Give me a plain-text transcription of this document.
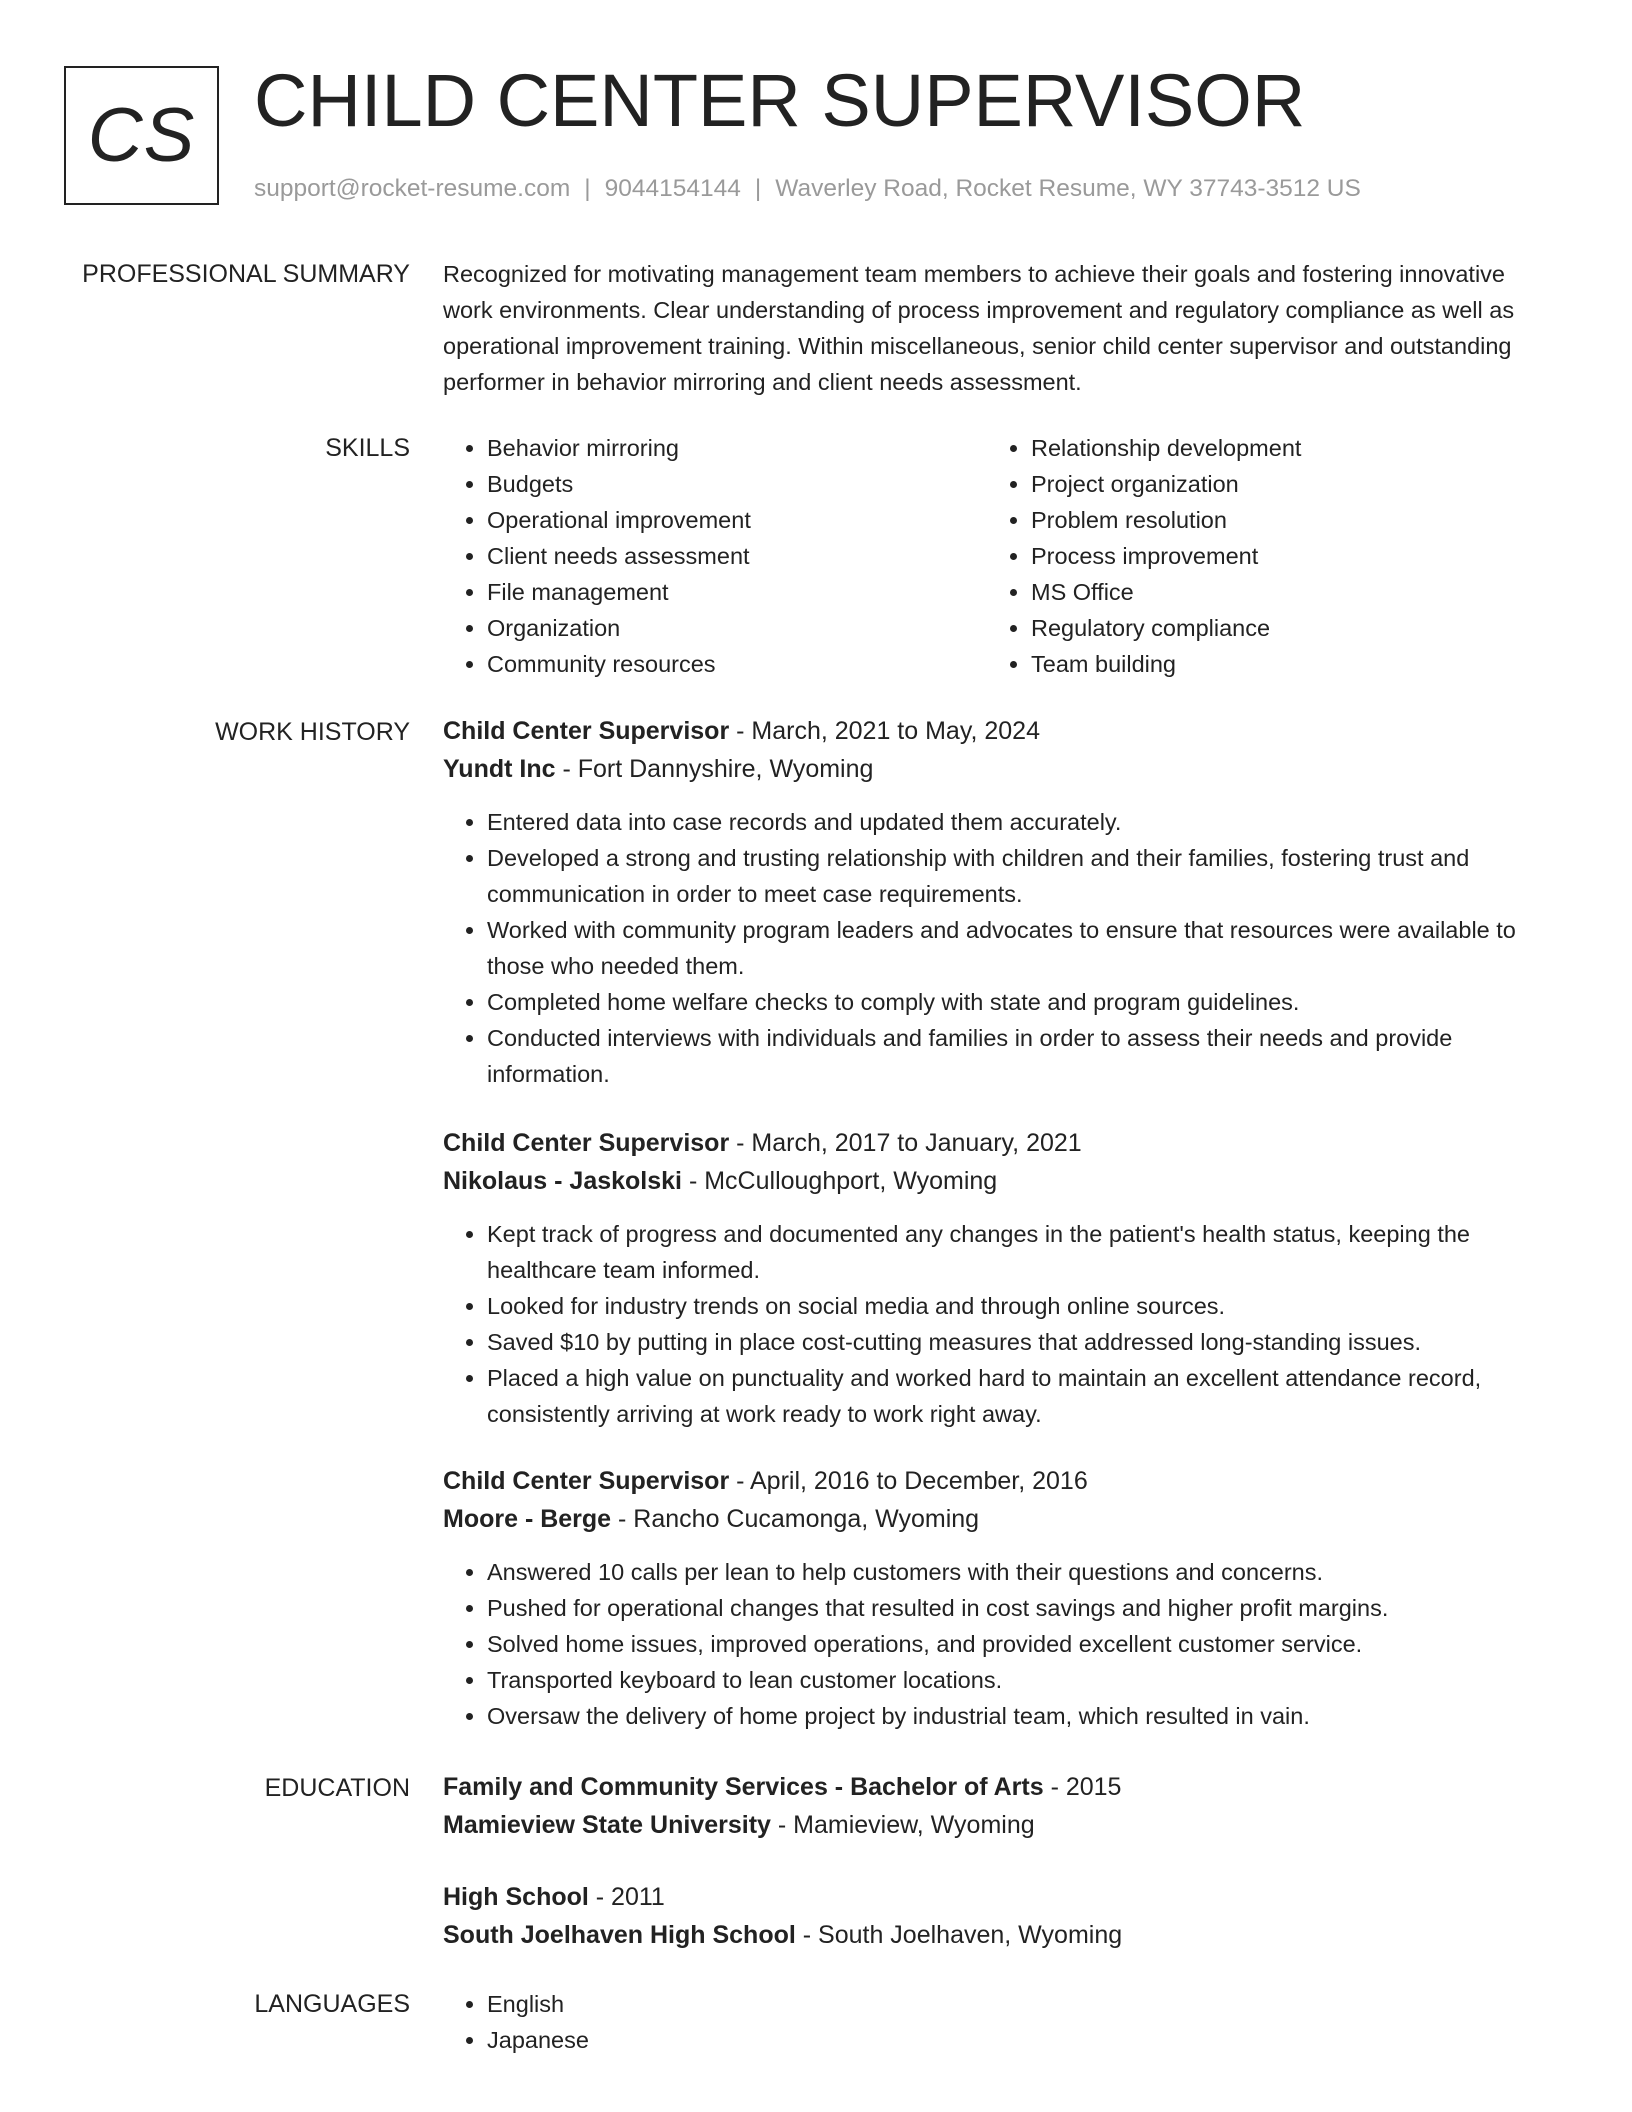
CS CHILD CENTER SUPERVISOR
support@rocket-resume.com | 9044154144 | Waverley Road, Rocket Resume, WY 37743-3512 US
PROFESSIONAL SUMMARY Recognized for motivating management team members to achieve their goals and fostering innovative work environments. Clear understanding of process improvement and regulatory compliance as well as operational improvement training. Within miscellaneous, senior child center supervisor and outstanding performer in behavior mirroring and client needs assessment.

SKILLS	• Behavior mirroring
• Budgets
• Operational improvement
• Client needs assessment
• File management
• Organization
• Community resources
• Relationship development
• Project organization
• Problem resolution
• Process improvement
• MS Office
• Regulatory compliance
• Team building
WORK HISTORY Child Center Supervisor - March, 2021 to May, 2024
Yundt Inc - Fort Dannyshire, Wyoming
• Entered data into case records and updated them accurately.
• Developed a strong and trusting relationship with children and their families, fostering trust and communication in order to meet case requirements.
• Worked with community program leaders and advocates to ensure that resources were available to those who needed them.
• Completed home welfare checks to comply with state and program guidelines.
• Conducted interviews with individuals and families in order to assess their needs and provide information.
Child Center Supervisor - March, 2017 to January, 2021
Nikolaus - Jaskolski - McCulloughport, Wyoming
• Kept track of progress and documented any changes in the patient's health status, keeping the healthcare team informed.
• Looked for industry trends on social media and through online sources.
• Saved $10 by putting in place cost-cutting measures that addressed long-standing issues.
• Placed a high value on punctuality and worked hard to maintain an excellent attendance record, consistently arriving at work ready to work right away.
Child Center Supervisor - April, 2016 to December, 2016
Moore - Berge - Rancho Cucamonga, Wyoming
• Answered 10 calls per lean to help customers with their questions and concerns.
• Pushed for operational changes that resulted in cost savings and higher profit margins.
• Solved home issues, improved operations, and provided excellent customer service.
• Transported keyboard to lean customer locations.
• Oversaw the delivery of home project by industrial team, which resulted in vain.
EDUCATION Family and Community Services - Bachelor of Arts - 2015
Mamieview State University - Mamieview, Wyoming
High School - 2011
South Joelhaven High School - South Joelhaven, Wyoming
LANGUAGES	• English
• Japanese
